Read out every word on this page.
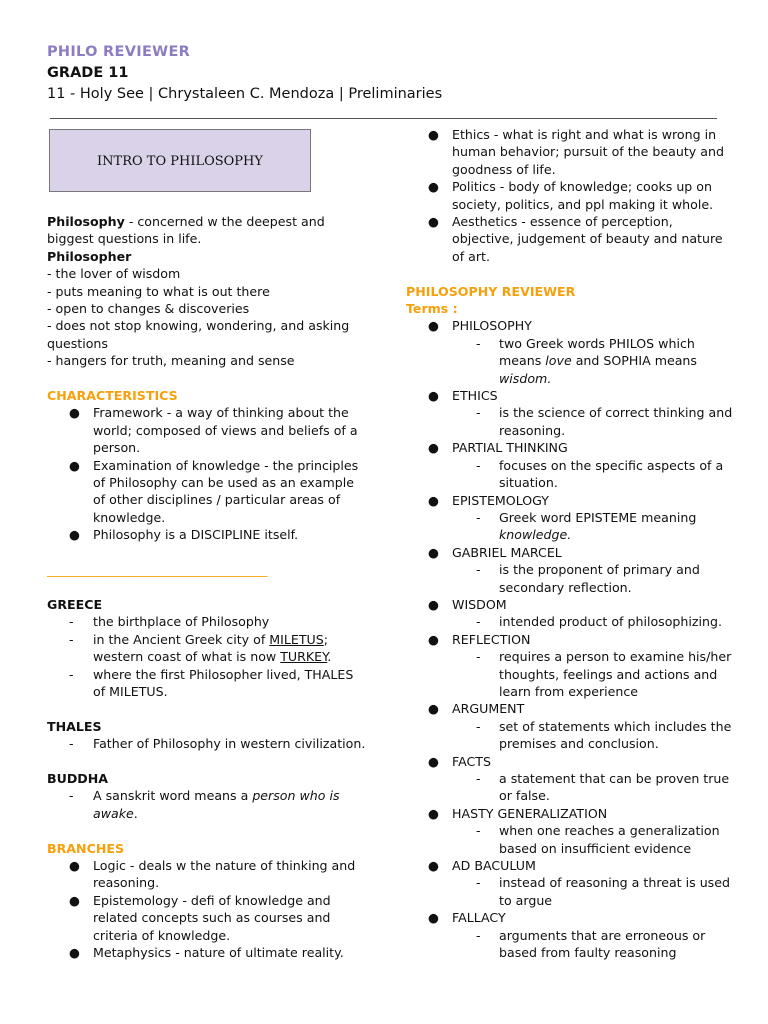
PHILO REVIEWER
GRADE 11
11 - Holy See | Chrystaleen C. Mendoza | Preliminaries
INTRO TO PHILOSOPHY
Philosophy - concerned w the deepest and biggest questions in life.
Philosopher
- the lover of wisdom
- puts meaning to what is out there
- open to changes & discoveries
- does not stop knowing, wondering, and asking questions
- hangers for truth, meaning and sense
CHARACTERISTICS
● Framework - a way of thinking about the world; composed of views and beliefs of a person.
● Examination of knowledge - the principles of Philosophy can be used as an example of other disciplines / particular areas of knowledge.
● Philosophy is a DISCIPLINE itself.
___________________________________
GREECE
- the birthplace of Philosophy
- in the Ancient Greek city of MILETUS; western coast of what is now TURKEY.
- where the first Philosopher lived, THALES of MILETUS.
THALES
- Father of Philosophy in western civilization.
BUDDHA
- A sanskrit word means a person who is awake.
BRANCHES
● Logic - deals w the nature of thinking and reasoning.
● Epistemology - defi of knowledge and related concepts such as courses and criteria of knowledge.
● Metaphysics - nature of ultimate reality.
● Ethics - what is right and what is wrong in human behavior; pursuit of the beauty and goodness of life.
● Politics - body of knowledge; cooks up on society, politics, and ppl making it whole.
● Aesthetics - essence of perception, objective, judgement of beauty and nature of art.
PHILOSOPHY REVIEWER
Terms :
● PHILOSOPHY
- two Greek words PHILOS which means love and SOPHIA means wisdom.
● ETHICS
- is the science of correct thinking and reasoning.
● PARTIAL THINKING
- focuses on the specific aspects of a situation.
● EPISTEMOLOGY
- Greek word EPISTEME meaning knowledge.
● GABRIEL MARCEL
- is the proponent of primary and secondary reflection.
● WISDOM
- intended product of philosophizing.
● REFLECTION
- requires a person to examine his/her thoughts, feelings and actions and learn from experience
● ARGUMENT
- set of statements which includes the premises and conclusion.
● FACTS
- a statement that can be proven true or false.
● HASTY GENERALIZATION
- when one reaches a generalization based on insufficient evidence
● AD BACULUM
- instead of reasoning a threat is used to argue
● FALLACY
- arguments that are erroneous or based from faulty reasoning
